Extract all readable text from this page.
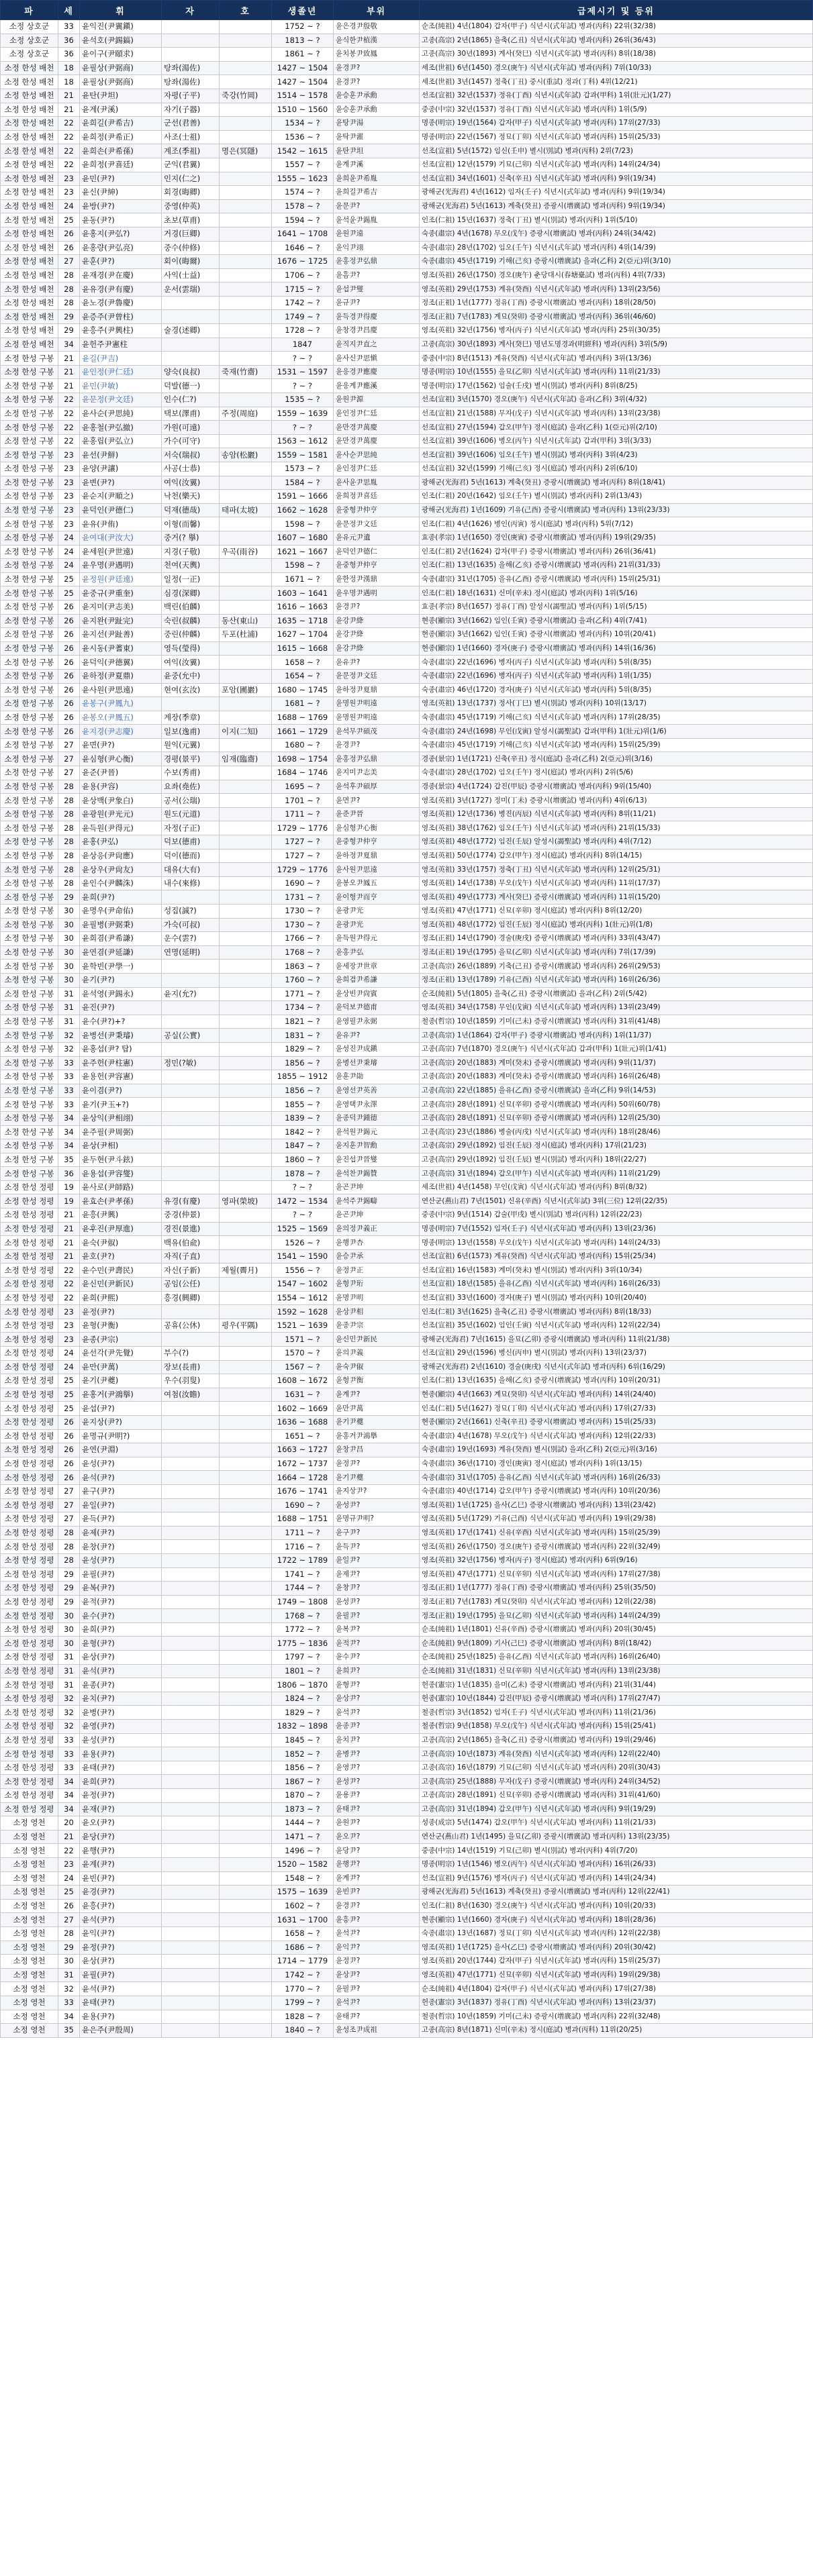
파	세	휘	자	호	생졸년	부위	급제시기 및 등위
소정 상호군	33	윤익진(尹翼鎭)			1752 ~ ?	윤은경尹殷敬	순조(純祖) 4년(1804) 갑자(甲子) 식년시(式年試) 병과(丙科) 22위(32/38)
소정 상호군	36	윤석호(尹錫鎬)			1813 ~ ?	윤식한尹植漢	고종(高宗) 2년(1865) 을축(乙丑) 식년시(式年試) 병과(丙科) 26위(36/43)
소정 상호군	36	윤이구(尹頤求)			1861 ~ ?	윤치봉尹致鳳	고종(高宗) 30년(1893) 계사(癸巳) 식년시(式年試) 병과(丙科) 8위(18/38)
소정 한성 배천	18	윤필상(尹弼商)	탕좌(湯佐)		1427 ~ 1504	윤경尹?	세조(世祖) 6년(1450) 경오(庚午) 식년시(式年試) 병과(丙科) 7위(10/33)
소정 한성 배천	18	윤필상(尹弼商)	탕좌(湯佐)		1427 ~ 1504	윤경尹?	세조(世祖) 3년(1457) 정축(丁丑) 중시(重試) 정과(丁科) 4위(12/21)
소정 한성 배천	21	윤탄(尹坦)	자평(子平)	죽강(竹岡)	1514 ~ 1578	윤승훈尹承勳	선조(宣祖) 32년(1537) 정유(丁酉) 식년시(式年試) 갑과(甲科) 1위(壯元)(1/27)
소정 한성 배천	21	윤계(尹溪)	자기(子器)		1510 ~ 1560	윤승훈尹承勳	중종(中宗) 32년(1537) 정유(丁酉) 식년시(式年試) 병과(丙科) 1위(5/9)
소정 한성 배천	22	윤희길(尹希吉)	군선(君善)		1534 ~ ?	윤탕尹湯	명종(明宗) 19년(1564) 갑자(甲子) 식년시(式年試) 병과(丙科) 17위(27/33)
소정 한성 배천	22	윤희정(尹希正)	사조(士祖)		1536 ~ ?	윤탁尹濯	명종(明宗) 22년(1567) 정묘(丁卯) 식년시(式年試) 병과(丙科) 15위(25/33)
소정 한성 배천	22	윤희손(尹希孫)	계조(季祖)	명은(冥隱)	1542 ~ 1615	윤탄尹坦	선조(宣祖) 5년(1572) 임신(壬申) 별시(別試) 병과(丙科) 2위(7/23)
소정 한성 배천	22	윤희정(尹喜廷)	군익(君翼)		1557 ~ ?	윤계尹溪	선조(宣祖) 12년(1579) 기묘(己卯) 식년시(式年試) 병과(丙科) 14위(24/34)
소정 한성 배천	23	윤민(尹?)	인지(仁之)		1555 ~ 1623	윤희윤尹希胤	선조(宣祖) 34년(1601) 신축(辛丑) 식년시(式年試) 병과(丙科) 9위(19/34)
소정 한성 배천	23	윤신(尹紳)	회경(晦卿)		1574 ~ ?	윤희길尹希吉	광해군(光海君) 4년(1612) 임자(壬子) 식년시(式年試) 병과(丙科) 9위(19/34)
소정 한성 배천	24	윤방(尹?)	중영(仲英)		1578 ~ ?	윤문尹?	광해군(光海君) 5년(1613) 계축(癸丑) 증광시(增廣試) 병과(丙科) 9위(19/34)
소정 한성 배천	25	윤동(尹?)	초보(草甫)		1594 ~ ?	윤석윤尹錫胤	인조(仁祖) 15년(1637) 정축(丁丑) 별시(別試) 병과(丙科) 1위(5/10)
소정 한성 배천	26	윤홍지(尹弘?)	거경(巨卿)		1641 ~ 1708	윤원尹遠	숙종(肅宗) 4년(1678) 무오(戊午) 증광시(增廣試) 병과(丙科) 24위(34/42)
소정 한성 배천	26	윤홍량(尹弘亮)	중수(仲修)		1646 ~ ?	윤익尹翊	숙종(肅宗) 28년(1702) 임오(壬午) 식년시(式年試) 병과(丙科) 4위(14/39)
소정 한성 배천	27	윤훈(尹?)	회이(晦爾)		1676 ~ 1725	윤홍정尹弘鼎	숙종(肅宗) 45년(1719) 기해(己亥) 증광시(增廣試) 을과(乙科) 2(亞元)위(3/10)
소정 한성 배천	28	윤재경(尹在慶)	사익(士益)		1706 ~ ?	윤흠尹?	영조(英祖) 26년(1750) 경오(庚午) 춘당대시(春塘臺試) 병과(丙科) 4위(7/33)
소정 한성 배천	28	윤유경(尹有慶)	운서(雲瑞)		1715 ~ ?	윤섭尹燮	영조(英祖) 29년(1753) 계유(癸酉) 식년시(式年試) 병과(丙科) 13위(23/56)
소정 한성 배천	28	윤노경(尹魯慶)			1742 ~ ?	윤규尹?	정조(正祖) 1년(1777) 정유(丁酉) 증광시(增廣試) 병과(丙科) 18위(28/50)
소정 한성 배천	29	윤증주(尹曾柱)			1749 ~ ?	윤득경尹得慶	정조(正祖) 7년(1783) 계묘(癸卯) 증광시(增廣試) 병과(丙科) 36위(46/60)
소정 한성 배천	29	윤흥주(尹興柱)	술경(述卿)		1728 ~ ?	윤창경尹昌慶	영조(英祖) 32년(1756) 병자(丙子) 식년시(式年試) 병과(丙科) 25위(30/35)
소정 한성 배천	34	윤헌주尹憲柱			1847	윤직지尹直之	고종(高宗) 30년(1893) 계사(癸巳) 명년도명경과(明經科) 병과(丙科) 3위(5/9)
소정 한성 구봉	21	윤길(尹吉)			? ~ ?	윤사신尹思愼	중종(中宗) 8년(1513) 계유(癸酉) 식년시(式年試) 병과(丙科) 3위(13/36)
소정 한성 구봉	21	윤인정(尹仁廷)	양숙(良叔)	죽재(竹齋)	1531 ~ 1597	윤응경尹應慶	명종(明宗) 10년(1555) 을묘(乙卯) 식년시(式年試) 병과(丙科) 11위(21/33)
소정 한성 구봉	21	윤민(尹敏)	덕발(德一)		? ~ ?	윤응계尹應溪	명종(明宗) 17년(1562) 임술(壬戌) 별시(別試) 병과(丙科) 8위(8/25)
소정 한성 구봉	22	윤문정(尹文廷)	인수(仁?)		1535 ~ ?	윤원尹源	선조(宣祖) 3년(1570) 경오(庚午) 식년시(式年試) 을과(乙科) 3위(4/32)
소정 한성 구봉	22	윤사순(尹思純)	택보(澤甫)	주정(周庭)	1559 ~ 1639	윤인정尹仁廷	선조(宣祖) 21년(1588) 무자(戊子) 식년시(式年試) 병과(丙科) 13위(23/38)
소정 한성 구봉	22	윤홍철(尹弘撤)	가원(可遠)		? ~ ?	윤만경尹萬慶	선조(宣祖) 27년(1594) 갑오(甲午) 정시(庭試) 을과(乙科) 1(亞元)위(2/10)
소정 한성 구봉	22	윤홍립(尹弘立)	가수(可守)		1563 ~ 1612	윤만경尹萬慶	선조(宣祖) 39년(1606) 병오(丙午) 식년시(式年試) 갑과(甲科) 3위(3/33)
소정 한성 구봉	23	윤선(尹鮮)	서숙(瑞叔)	송암(松巖)	1559 ~ 1581	윤사순尹思純	선조(宣祖) 39년(1606) 임오(壬午) 별시(別試) 병과(丙科) 3위(4/23)
소정 한성 구봉	23	윤양(尹讓)	사공(士恭)		1573 ~ ?	윤인정尹仁廷	선조(宣祖) 32년(1599) 기해(己亥) 정시(庭試) 병과(丙科) 2위(6/10)
소정 한성 구봉	23	윤변(尹?)	여익(汝翼)		1584 ~ ?	윤사윤尹思胤	광해군(光海君) 5년(1613) 계축(癸丑) 증광시(增廣試) 병과(丙科) 8위(18/41)
소정 한성 구봉	23	윤순지(尹順之)	낙천(樂天)		1591 ~ 1666	윤희정尹喜廷	인조(仁祖) 20년(1642) 임오(壬午) 별시(別試) 병과(丙科) 2위(13/43)
소정 한성 구봉	23	윤덕인(尹德仁)	덕재(德哉)	태파(太坡)	1662 ~ 1628	윤중형尹仲亨	광해군(光海君) 1년(1609) 기유(己酉) 증광시(增廣試) 병과(丙科) 13위(23/33)
소정 한성 구봉	23	윤유(尹侑)	이형(而馨)		1598 ~ ?	윤문정尹文廷	인조(仁祖) 4년(1626) 병인(丙寅) 정시(庭試) 병과(丙科) 5위(7/12)
소정 한성 구봉	24	윤여대(尹汝大)	중거(? 擧)		1607 ~ 1680	윤유元尹遺	효종(孝宗) 1년(1650) 경인(庚寅) 증광시(增廣試) 병과(丙科) 19위(29/35)
소정 한성 구봉	24	윤세원(尹世遠)	지경(子敬)	우곡(雨谷)	1621 ~ 1667	윤덕인尹德仁	인조(仁祖) 2년(1624) 갑자(甲子) 증광시(增廣試) 병과(丙科) 26위(36/41)
소정 한성 구봉	24	윤우명(尹遇明)	천여(天輿)		1598 ~ ?	윤중형尹仲亨	인조(仁祖) 13년(1635) 을해(乙亥) 증광시(增廣試) 병과(丙科) 21위(31/33)
소정 한성 구봉	25	윤정원(尹廷遠)	일정(一正)		1671 ~ ?	윤한정尹漢鼎	숙종(肅宗) 31년(1705) 을유(乙酉) 증광시(增廣試) 병과(丙科) 15위(25/31)
소정 한성 구봉	25	윤중규(尹重奎)	심경(深卿)		1603 ~ 1641	윤우명尹遇明	인조(仁祖) 18년(1631) 신미(辛未) 정시(庭試) 병과(丙科) 1위(5/16)
소정 한성 구봉	26	윤지미(尹志美)	백린(伯麟)		1616 ~ 1663	윤경尹?	효종(孝宗) 8년(1657) 정유(丁酉) 알성시(謁聖試) 병과(丙科) 1위(5/15)
소정 한성 구봉	26	윤지완(尹趾完)	숙린(叔麟)	동산(東山)	1635 ~ 1718	윤강尹絳	현종(顯宗) 3년(1662) 임인(壬寅) 증광시(增廣試) 을과(乙科) 4위(7/41)
소정 한성 구봉	26	윤지선(尹趾善)	중린(仲麟)	두포(杜浦)	1627 ~ 1704	윤강尹絳	현종(顯宗) 3년(1662) 임인(壬寅) 증광시(增廣試) 병과(丙科) 10위(20/41)
소정 한성 구봉	26	윤시동(尹蓍東)	영득(瑩得)		1615 ~ 1668	윤강尹絳	현종(顯宗) 1년(1660) 경자(庚子) 증광시(增廣試) 병과(丙科) 14위(16/36)
소정 한성 구봉	26	윤덕익(尹德翼)	여익(汝翼)		1658 ~ ?	윤유尹?	숙종(肅宗) 22년(1696) 병자(丙子) 식년시(式年試) 병과(丙科) 5위(8/35)
소정 한성 구봉	26	윤하정(尹夏鼎)	윤중(允中)		1654 ~ ?	윤문정尹文廷	숙종(肅宗) 22년(1696) 병자(丙子) 식년시(式年試) 병과(丙科) 1위(1/35)
소정 한성 구봉	26	윤사원(尹思遠)	현여(玄汝)	포암(圃巖)	1680 ~ 1745	윤하정尹夏鼎	숙종(肅宗) 46년(1720) 경자(庚子) 식년시(式年試) 병과(丙科) 5위(8/35)
소정 한성 구봉	26	윤봉구(尹鳳九)			1681 ~ ?	윤명원尹明遠	영조(英祖) 13년(1737) 정사(丁巳) 별시(別試) 병과(丙科) 10위(13/17)
소정 한성 구봉	26	윤봉오(尹鳳五)	계장(季章)		1688 ~ 1769	윤명원尹明遠	숙종(肅宗) 45년(1719) 기해(己亥) 식년시(式年試) 병과(丙科) 17위(28/35)
소정 한성 구봉	26	윤지경(尹志慶)	일보(逸甫)	이지(二知)	1661 ~ 1729	윤석무尹碩茂	숙종(肅宗) 24년(1698) 무인(戊寅) 알성시(謁聖試) 갑과(甲科) 1(壯元)위(1/6)
소정 한성 구봉	27	윤면(尹?)	원익(元翼)		1680 ~ ?	윤경尹?	숙종(肅宗) 45년(1719) 기해(己亥) 식년시(式年試) 병과(丙科) 15위(25/39)
소정 한성 구봉	27	윤심형(尹心衡)	경평(景平)	임재(臨齋)	1698 ~ 1754	윤홍정尹弘鼎	경종(景宗) 1년(1721) 신축(辛丑) 정시(庭試) 을과(乙科) 2(亞元)위(3/16)
소정 한성 구봉	27	윤준(尹晉)	수보(秀甫)		1684 ~ 1746	윤지미尹志美	숙종(肅宗) 28년(1702) 임오(壬午) 정시(庭試) 병과(丙科) 2위(5/6)
소정 한성 구봉	28	윤용(尹容)	요좌(堯佐)		1695 ~ ?	윤석후尹碩厚	경종(景宗) 4년(1724) 갑진(甲辰) 증광시(增廣試) 병과(丙科) 9위(15/40)
소정 한성 구봉	28	윤상백(尹象白)	공서(公瑞)		1701 ~ ?	윤면尹?	영조(英祖) 3년(1727) 정미(丁未) 증광시(增廣試) 병과(丙科) 4위(6/13)
소정 한성 구봉	28	윤광원(尹光元)	원도(元道)		1711 ~ ?	윤준尹晉	영조(英祖) 12년(1736) 병진(丙辰) 식년시(式年試) 병과(丙科) 8위(11/21)
소정 한성 구봉	28	윤득원(尹得元)	자정(子正)		1729 ~ 1776	윤심형尹心衡	영조(英祖) 38년(1762) 임오(壬午) 식년시(式年試) 병과(丙科) 21위(15/33)
소정 한성 구봉	28	윤홍(尹弘)	덕보(德甫)		1727 ~ ?	윤중형尹仲亨	영조(英祖) 48년(1772) 임진(壬辰) 알성시(謁聖試) 병과(丙科) 4위(7/12)
소정 한성 구봉	28	윤상응(尹尙應)	덕이(德而)		1727 ~ ?	윤하정尹夏鼎	영조(英祖) 50년(1774) 갑오(甲午) 정시(庭試) 병과(丙科) 8위(14/15)
소정 한성 구봉	28	윤상우(尹尙友)	대유(大有)		1729 ~ 1776	윤사원尹思遠	영조(英祖) 33년(1757) 정축(丁丑) 식년시(式年試) 병과(丙科) 12위(25/31)
소정 한성 구봉	28	윤인수(尹麟洙)	내수(來修)		1690 ~ ?	윤봉오尹鳳五	영조(英祖) 14년(1738) 무오(戊午) 식년시(式年試) 병과(丙科) 11위(17/37)
소정 한성 구봉	29	윤희(尹?)			1731 ~ ?	윤이형尹而亨	영조(英祖) 49년(1773) 계사(癸巳) 증광시(增廣試) 병과(丙科) 11위(15/20)
소정 한성 구봉	30	윤명우(尹命佑)	성집(誠?)		1730 ~ ?	윤광尹光	영조(英祖) 47년(1771) 신묘(辛卯) 정시(庭試) 병과(丙科) 8위(12/20)
소정 한성 구봉	30	윤필병(尹弼秉)	가숙(可叔)		1730 ~ ?	윤광尹光	영조(英祖) 48년(1772) 임진(壬辰) 정시(庭試) 병과(丙科) 1(壯元)위(1/8)
소정 한성 구봉	30	윤희겸(尹希謙)	운수(雲?)		1766 ~ ?	윤득원尹得元	정조(正祖) 14년(1790) 경술(庚戌) 증광시(增廣試) 병과(丙科) 33위(43/47)
소정 한성 구봉	30	윤연겸(尹延謙)	연명(延明)		1768 ~ ?	윤홍尹弘	정조(正祖) 19년(1795) 을묘(乙卯) 식년시(式年試) 병과(丙科) 7위(17/39)
소정 한성 구봉	30	윤학빈(尹學一)			1863 ~ ?	윤세장尹世章	고종(高宗) 26년(1889) 기축(己丑) 증광시(增廣試) 병과(丙科) 26위(29/53)
소정 한성 구봉	30	윤기(尹?)			1760 ~ ?	윤희겸尹希謙	정조(正祖) 13년(1789) 기유(己酉) 식년시(式年試) 병과(丙科) 16위(26/36)
소정 한성 구봉	31	윤석영(尹錫永)	윤지(允?)		1771 ~ ?	윤상빈尹尙賓	순조(純祖) 5년(1805) 을축(乙丑) 증광시(增廣試) 을과(乙科) 2위(5/42)
소정 한성 구봉	31	윤진(尹?)			1734 ~ ?	윤덕보尹德甫	영조(英祖) 34년(1758) 무인(戊寅) 식년시(式年試) 병과(丙科) 13위(23/49)
소정 한성 구봉	31	윤수(尹?)+?			1821 ~ ?	윤영필尹永弼	철종(哲宗) 10년(1859) 기미(己未) 증광시(增廣試) 병과(丙科) 31위(41/48)
소정 한성 구봉	32	윤병선(尹秉璿)	공실(公實)		1831 ~ ?	윤유尹?	고종(高宗) 1년(1864) 갑자(甲子) 증광시(增廣試) 병과(丙科) 1위(11/37)
소정 한성 구봉	32	윤홍섭(尹? 탑)			1829 ~ ?	윤성진尹成鎭	고종(高宗) 7년(1870) 경오(庚午) 식년시(式年試) 갑과(甲科) 1(壯元)위(1/41)
소정 한성 구봉	33	윤주헌(尹柱憲)	정민(?敏)		1856 ~ ?	윤병선尹秉璿	고종(高宗) 20년(1883) 계미(癸未) 증광시(增廣試) 병과(丙科) 9위(11/37)
소정 한성 구봉	33	윤용헌(尹容憲)			1855 ~ 1912	윤훈尹勛	고종(高宗) 20년(1883) 계미(癸未) 증광시(增廣試) 병과(丙科) 16위(26/48)
소정 한성 구봉	33	윤이겸(尹?)			1856 ~ ?	윤영선尹英善	고종(高宗) 22년(1885) 을유(乙酉) 증광시(增廣試) 을과(乙科) 9위(14/53)
소정 한성 구봉	33	윤기(尹玉+?)			1855 ~ ?	윤영택尹永澤	고종(高宗) 28년(1891) 신묘(辛卯) 증광시(增廣試) 병과(丙科) 50위(60/78)
소정 한성 구봉	34	윤상익(尹相翊)			1839 ~ ?	윤종덕尹鍾德	고종(高宗) 28년(1891) 신묘(辛卯) 증광시(增廣試) 병과(丙科) 12위(25/30)
소정 한성 구봉	34	윤주필(尹周弼)			1842 ~ ?	윤석원尹錫元	고종(高宗) 23년(1886) 병술(丙戌) 식년시(式年試) 병과(丙科) 18위(28/46)
소정 한성 구봉	34	윤상(尹相)			1847 ~ ?	윤지훈尹智勳	고종(高宗) 29년(1892) 임진(壬辰) 정시(庭試) 병과(丙科) 17위(21/23)
소정 한성 구봉	35	윤두현(尹斗鉉)			1860 ~ ?	윤진섭尹晉燮	고종(高宗) 29년(1892) 임진(壬辰) 별시(別試) 병과(丙科) 18위(22/27)
소정 한성 구봉	36	윤용섭(尹容燮)			1878 ~ ?	윤석찬尹錫贊	고종(高宗) 31년(1894) 갑오(甲午) 식년시(式年試) 병과(丙科) 11위(21/29)
소정 한성 정평	19	윤사로(尹師路)			? ~ ?	윤곤尹坤	세조(世祖) 4년(1458) 무인(戊寅) 식년시(式年試) 병과(丙科) 8위(8/32)
소정 한성 정평	19	윤효손(尹孝孫)	유경(有慶)	영파(榮坡)	1472 ~ 1534	윤석주尹錫疇	연산군(燕山君) 7년(1501) 신유(辛酉) 식년시(式年試) 3위(三位) 12위(22/35)
소정 한성 정평	21	윤흥(尹興)	중경(仲景)		? ~ ?	윤곤尹坤	중종(中宗) 9년(1514) 갑술(甲戌) 별시(別試) 병과(丙科) 12위(22/23)
소정 한성 정평	21	윤후진(尹厚進)	경진(景進)		1525 ~ 1569	윤의정尹義正	명종(明宗) 7년(1552) 임자(壬子) 식년시(式年試) 병과(丙科) 13위(23/36)
소정 한성 정평	21	윤숙(尹俶)	백유(伯兪)		1526 ~ ?	윤행尹杏	명종(明宗) 13년(1558) 무오(戊午) 식년시(式年試) 병과(丙科) 14위(24/33)
소정 한성 정평	21	윤호(尹?)	자직(子直)		1541 ~ 1590	윤승尹承	선조(宣祖) 6년(1573) 계유(癸酉) 식년시(式年試) 병과(丙科) 15위(25/34)
소정 한성 정평	22	윤수민(尹壽民)	자신(子新)	제월(霽月)	1556 ~ ?	윤정尹正	선조(宣祖) 16년(1583) 계미(癸未) 별시(別試) 병과(丙科) 3위(10/34)
소정 한성 정평	22	윤신민(尹新民)	공임(公任)		1547 ~ 1602	윤형尹珩	선조(宣祖) 18년(1585) 을유(乙酉) 식년시(式年試) 병과(丙科) 16위(26/33)
소정 한성 정평	22	윤희(尹熙)	흥경(興卿)		1554 ~ 1612	윤명尹明	선조(宣祖) 33년(1600) 경자(庚子) 별시(別試) 병과(丙科) 10위(20/40)
소정 한성 정평	23	윤정(尹?)			1592 ~ 1628	윤상尹相	인조(仁祖) 3년(1625) 을축(乙丑) 증광시(增廣試) 병과(丙科) 8위(18/33)
소정 한성 정평	23	윤형(尹衡)	공휴(公休)	평우(平隅)	1521 ~ 1639	윤종尹宗	선조(宣祖) 35년(1602) 임인(壬寅) 식년시(式年試) 병과(丙科) 12위(22/34)
소정 한성 정평	23	윤종(尹宗)			1571 ~ ?	윤신민尹新民	광해군(光海君) 7년(1615) 을묘(乙卯) 증광시(增廣試) 병과(丙科) 11위(21/38)
소정 한성 정평	24	윤선각(尹先覺)	부수(?)		1570 ~ ?	윤의尹義	선조(宣祖) 29년(1596) 병신(丙申) 별시(別試) 병과(丙科) 13위(23/37)
소정 한성 정평	24	윤만(尹萬)	장보(長甫)		1567 ~ ?	윤숙尹俶	광해군(光海君) 2년(1610) 경술(庚戌) 식년시(式年試) 병과(丙科) 6위(16/29)
소정 한성 정평	25	윤기(尹夔)	우수(羽叟)		1608 ~ 1672	윤형尹衡	인조(仁祖) 13년(1635) 을해(乙亥) 증광시(增廣試) 병과(丙科) 10위(20/31)
소정 한성 정평	25	윤홍거(尹鴻擧)	여첨(汝瞻)		1631 ~ ?	윤계尹?	현종(顯宗) 4년(1663) 계묘(癸卯) 식년시(式年試) 병과(丙科) 14위(24/40)
소정 한성 정평	25	윤섭(尹?)			1602 ~ 1669	윤만尹萬	인조(仁祖) 5년(1627) 정묘(丁卯) 식년시(式年試) 병과(丙科) 17위(27/33)
소정 한성 정평	26	윤지상(尹?)			1636 ~ 1688	윤기尹夔	현종(顯宗) 2년(1661) 신축(辛丑) 증광시(增廣試) 병과(丙科) 15위(25/33)
소정 한성 정평	26	윤명규(尹明?)			1651 ~ ?	윤홍거尹鴻擧	숙종(肅宗) 4년(1678) 무오(戊午) 식년시(式年試) 병과(丙科) 12위(22/33)
소정 한성 정평	26	윤연(尹淵)			1663 ~ 1727	윤창尹昌	숙종(肅宗) 19년(1693) 계유(癸酉) 별시(別試) 을과(乙科) 2(亞元)위(3/16)
소정 한성 정평	26	윤성(尹?)			1672 ~ 1737	윤정尹?	숙종(肅宗) 36년(1710) 경인(庚寅) 정시(庭試) 병과(丙科) 1위(13/15)
소정 한성 정평	26	윤석(尹?)			1664 ~ 1728	윤기尹夔	숙종(肅宗) 31년(1705) 을유(乙酉) 식년시(式年試) 병과(丙科) 16위(26/33)
소정 한성 정평	27	윤구(尹?)			1676 ~ 1741	윤지상尹?	숙종(肅宗) 40년(1714) 갑오(甲午) 증광시(增廣試) 병과(丙科) 10위(20/36)
소정 한성 정평	27	윤일(尹?)			1690 ~ ?	윤성尹?	영조(英祖) 1년(1725) 을사(乙巳) 증광시(增廣試) 병과(丙科) 13위(23/42)
소정 한성 정평	27	윤득(尹?)			1688 ~ 1751	윤명규尹明?	영조(英祖) 5년(1729) 기유(己酉) 식년시(式年試) 병과(丙科) 19위(29/38)
소정 한성 정평	28	윤제(尹?)			1711 ~ ?	윤구尹?	영조(英祖) 17년(1741) 신유(辛酉) 식년시(式年試) 병과(丙科) 15위(25/39)
소정 한성 정평	28	윤창(尹?)			1716 ~ ?	윤득尹?	영조(英祖) 26년(1750) 경오(庚午) 증광시(增廣試) 병과(丙科) 22위(32/49)
소정 한성 정평	28	윤성(尹?)			1722 ~ 1789	윤일尹?	영조(英祖) 32년(1756) 병자(丙子) 정시(庭試) 병과(丙科) 6위(9/16)
소정 한성 정평	29	윤필(尹?)			1741 ~ ?	윤제尹?	영조(英祖) 47년(1771) 신묘(辛卯) 식년시(式年試) 병과(丙科) 17위(27/38)
소정 한성 정평	29	윤복(尹?)			1744 ~ ?	윤창尹?	정조(正祖) 1년(1777) 정유(丁酉) 증광시(增廣試) 병과(丙科) 25위(35/50)
소정 한성 정평	29	윤적(尹?)			1749 ~ 1808	윤성尹?	정조(正祖) 7년(1783) 계묘(癸卯) 식년시(式年試) 병과(丙科) 12위(22/38)
소정 한성 정평	30	윤수(尹?)			1768 ~ ?	윤필尹?	정조(正祖) 19년(1795) 을묘(乙卯) 식년시(式年試) 병과(丙科) 14위(24/39)
소정 한성 정평	30	윤희(尹?)			1772 ~ ?	윤복尹?	순조(純祖) 1년(1801) 신유(辛酉) 증광시(增廣試) 병과(丙科) 20위(30/45)
소정 한성 정평	30	윤형(尹?)			1775 ~ 1836	윤적尹?	순조(純祖) 9년(1809) 기사(己巳) 증광시(增廣試) 병과(丙科) 8위(18/42)
소정 한성 정평	31	윤상(尹?)			1797 ~ ?	윤수尹?	순조(純祖) 25년(1825) 을유(乙酉) 식년시(式年試) 병과(丙科) 16위(26/40)
소정 한성 정평	31	윤석(尹?)			1801 ~ ?	윤희尹?	순조(純祖) 31년(1831) 신묘(辛卯) 식년시(式年試) 병과(丙科) 13위(23/38)
소정 한성 정평	31	윤종(尹?)			1806 ~ 1870	윤형尹?	헌종(憲宗) 1년(1835) 을미(乙未) 증광시(增廣試) 병과(丙科) 21위(31/44)
소정 한성 정평	32	윤치(尹?)			1824 ~ ?	윤상尹?	헌종(憲宗) 10년(1844) 갑진(甲辰) 증광시(增廣試) 병과(丙科) 17위(27/47)
소정 한성 정평	32	윤병(尹?)			1829 ~ ?	윤석尹?	철종(哲宗) 3년(1852) 임자(壬子) 식년시(式年試) 병과(丙科) 11위(21/36)
소정 한성 정평	32	윤영(尹?)			1832 ~ 1898	윤종尹?	철종(哲宗) 9년(1858) 무오(戊午) 식년시(式年試) 병과(丙科) 15위(25/41)
소정 한성 정평	33	윤성(尹?)			1845 ~ ?	윤치尹?	고종(高宗) 2년(1865) 을축(乙丑) 증광시(增廣試) 병과(丙科) 19위(29/46)
소정 한성 정평	33	윤용(尹?)			1852 ~ ?	윤병尹?	고종(高宗) 10년(1873) 계유(癸酉) 식년시(式年試) 병과(丙科) 12위(22/40)
소정 한성 정평	33	윤태(尹?)			1856 ~ ?	윤영尹?	고종(高宗) 16년(1879) 기묘(己卯) 식년시(式年試) 병과(丙科) 20위(30/43)
소정 한성 정평	34	윤희(尹?)			1867 ~ ?	윤성尹?	고종(高宗) 25년(1888) 무자(戊子) 증광시(增廣試) 병과(丙科) 24위(34/52)
소정 한성 정평	34	윤정(尹?)			1870 ~ ?	윤용尹?	고종(高宗) 28년(1891) 신묘(辛卯) 증광시(增廣試) 병과(丙科) 31위(41/60)
소정 한성 정평	34	윤재(尹?)			1873 ~ ?	윤태尹?	고종(高宗) 31년(1894) 갑오(甲午) 식년시(式年試) 병과(丙科) 9위(19/29)
소정 영천	20	윤오(尹?)			1444 ~ ?	윤원尹?	성종(成宗) 5년(1474) 갑오(甲午) 식년시(式年試) 병과(丙科) 11위(21/33)
소정 영천	21	윤당(尹?)			1471 ~ ?	윤오尹?	연산군(燕山君) 1년(1495) 을묘(乙卯) 증광시(增廣試) 병과(丙科) 13위(23/35)
소정 영천	22	윤행(尹?)			1496 ~ ?	윤당尹?	중종(中宗) 14년(1519) 기묘(己卯) 별시(別試) 병과(丙科) 4위(7/20)
소정 영천	23	윤계(尹?)			1520 ~ 1582	윤행尹?	명종(明宗) 1년(1546) 병오(丙午) 식년시(式年試) 병과(丙科) 16위(26/33)
소정 영천	24	윤빈(尹?)			1548 ~ ?	윤계尹?	선조(宣祖) 9년(1576) 병자(丙子) 식년시(式年試) 병과(丙科) 14위(24/34)
소정 영천	25	윤경(尹?)			1575 ~ 1639	윤빈尹?	광해군(光海君) 5년(1613) 계축(癸丑) 증광시(增廣試) 병과(丙科) 12위(22/41)
소정 영천	26	윤흥(尹?)			1602 ~ ?	윤경尹?	인조(仁祖) 8년(1630) 경오(庚午) 식년시(式年試) 병과(丙科) 10위(20/33)
소정 영천	27	윤석(尹?)			1631 ~ 1700	윤흥尹?	현종(顯宗) 1년(1660) 경자(庚子) 식년시(式年試) 병과(丙科) 18위(28/36)
소정 영천	28	윤익(尹?)			1658 ~ ?	윤석尹?	숙종(肅宗) 13년(1687) 정묘(丁卯) 식년시(式年試) 병과(丙科) 12위(22/38)
소정 영천	29	윤정(尹?)			1686 ~ ?	윤익尹?	영조(英祖) 1년(1725) 을사(乙巳) 증광시(增廣試) 병과(丙科) 20위(30/42)
소정 영천	30	윤상(尹?)			1714 ~ 1779	윤정尹?	영조(英祖) 20년(1744) 갑자(甲子) 식년시(式年試) 병과(丙科) 15위(25/37)
소정 영천	31	윤필(尹?)			1742 ~ ?	윤상尹?	영조(英祖) 47년(1771) 신묘(辛卯) 식년시(式年試) 병과(丙科) 19위(29/38)
소정 영천	32	윤석(尹?)			1770 ~ ?	윤필尹?	순조(純祖) 4년(1804) 갑자(甲子) 식년시(式年試) 병과(丙科) 17위(27/38)
소정 영천	33	윤태(尹?)			1799 ~ ?	윤석尹?	헌종(憲宗) 3년(1837) 정유(丁酉) 식년시(式年試) 병과(丙科) 13위(23/37)
소정 영천	34	윤용(尹?)			1828 ~ ?	윤태尹?	철종(哲宗) 10년(1859) 기미(己未) 증광시(增廣試) 병과(丙科) 22위(32/48)
소정 영천	35	윤은주(尹殷周)			1840 ~ ?	윤성조尹成祖	고종(高宗) 8년(1871) 신미(辛未) 정시(庭試) 병과(丙科) 11위(20/25)
